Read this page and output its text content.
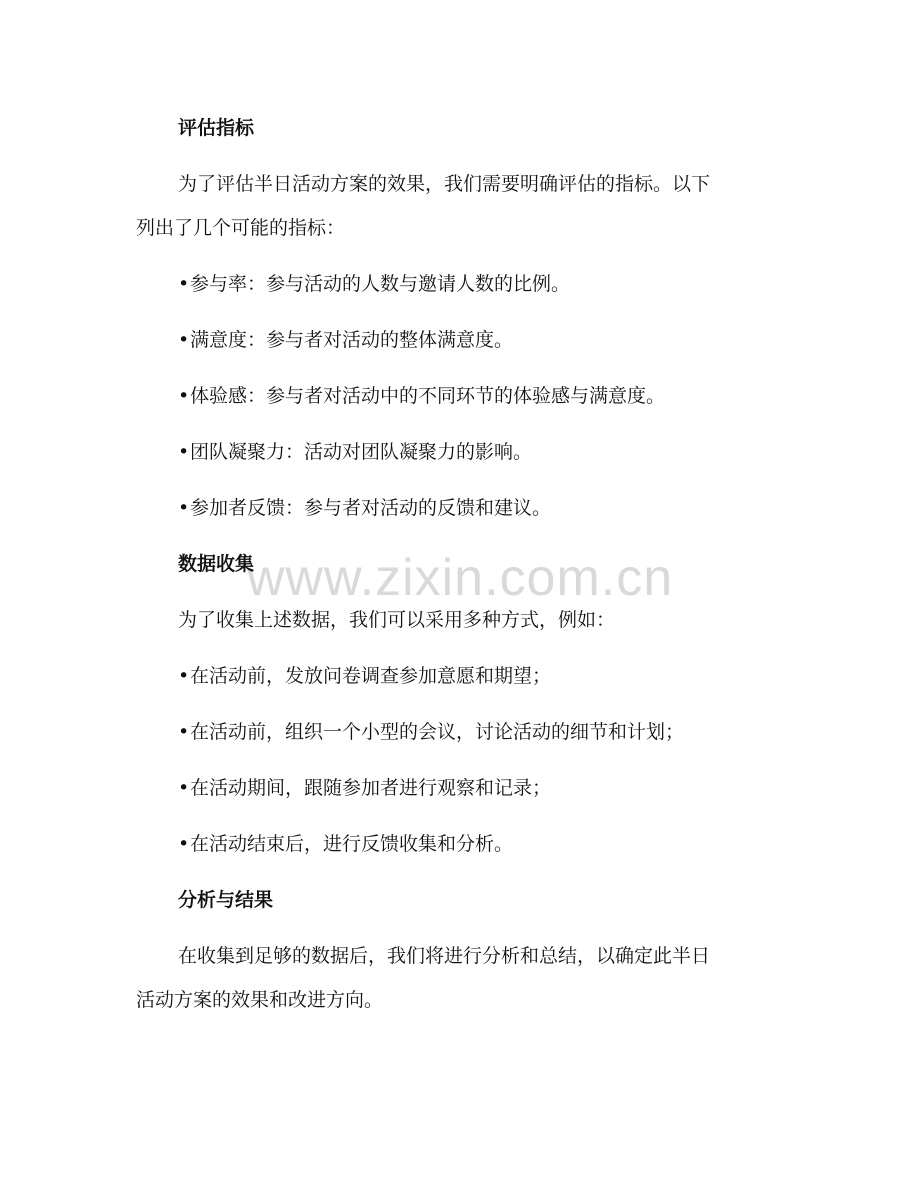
www.zixin.com.cn
评估指标
为了评估半日活动方案的效果，我们需要明确评估的指标。以下
列出了几个可能的指标：
•参与率：参与活动的人数与邀请人数的比例。
•满意度：参与者对活动的整体满意度。
•体验感：参与者对活动中的不同环节的体验感与满意度。
•团队凝聚力：活动对团队凝聚力的影响。
•参加者反馈：参与者对活动的反馈和建议。
数据收集
为了收集上述数据，我们可以采用多种方式，例如：
•在活动前，发放问卷调查参加意愿和期望；
•在活动前，组织一个小型的会议，讨论活动的细节和计划；
•在活动期间，跟随参加者进行观察和记录；
•在活动结束后，进行反馈收集和分析。
分析与结果
在收集到足够的数据后，我们将进行分析和总结，以确定此半日
活动方案的效果和改进方向。
